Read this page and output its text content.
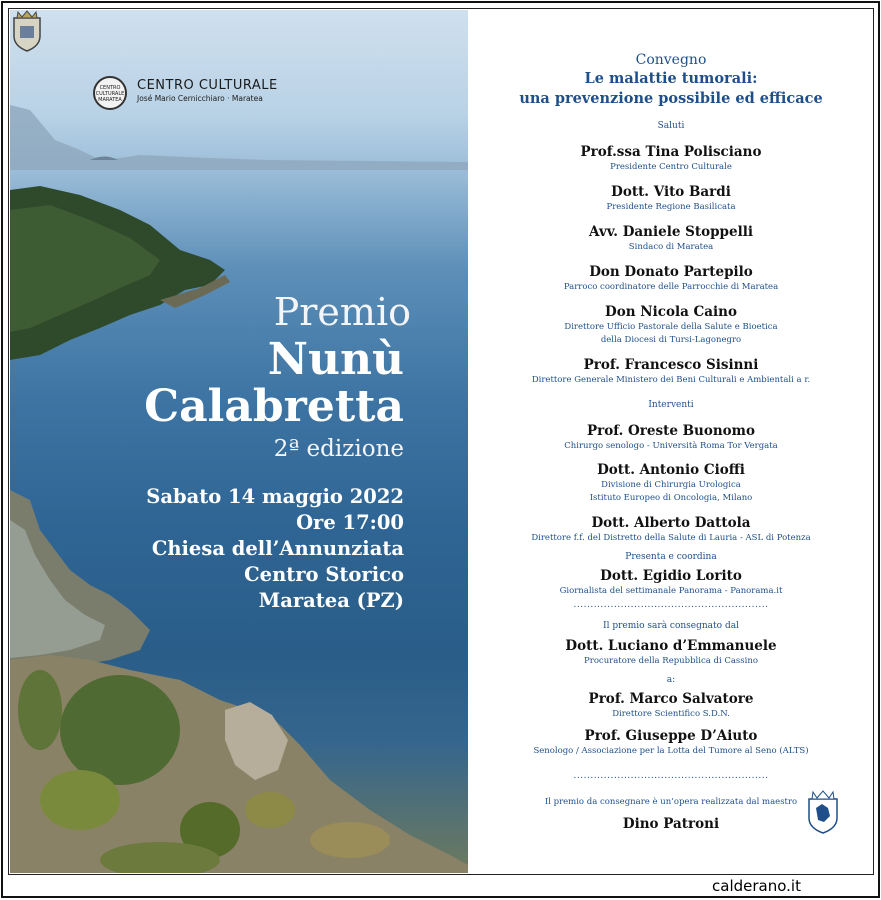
CENTRO CULTURALE MARATEA
CENTRO CULTURALE
José Mario Cernicchiaro · Maratea
Premio
Nunù
Calabretta
2ª edizione
Sabato 14 maggio 2022
Ore 17:00
Chiesa dell’Annunziata
Centro Storico
Maratea (PZ)
Convegno
Le malattie tumorali:
una prevenzione possibile ed efficace
Saluti
Prof.ssa Tina Polisciano
Presidente Centro Culturale
Dott. Vito Bardi
Presidente Regione Basilicata
Avv. Daniele Stoppelli
Sindaco di Maratea
Don Donato Partepilo
Parroco coordinatore delle Parrocchie di Maratea
Don Nicola Caino
Direttore Ufficio Pastorale della Salute e Bioetica
della Diocesi di Tursi-Lagonegro
Prof. Francesco Sisinni
Direttore Generale Ministero dei Beni Culturali e Ambientali a r.
Interventi
Prof. Oreste Buonomo
Chirurgo senologo - Università Roma Tor Vergata
Dott. Antonio Cioffi
Divisione di Chirurgia Urologica
Istituto Europeo di Oncologia, Milano
Dott. Alberto Dattola
Direttore f.f. del Distretto della Salute di Lauria - ASL di Potenza
Presenta e coordina
Dott. Egidio Lorito
Giornalista del settimanale Panorama - Panorama.it
..........................................................
Il premio sarà consegnato dal
Dott. Luciano d’Emmanuele
Procuratore della Repubblica di Cassino
a:
Prof. Marco Salvatore
Direttore Scientifico S.D.N.
Prof. Giuseppe D’Aiuto
Senologo / Associazione per la Lotta del Tumore al Seno (ALTS)
..........................................................
Il premio da consegnare è un’opera realizzata dal maestro
Dino Patroni
calderano.it
